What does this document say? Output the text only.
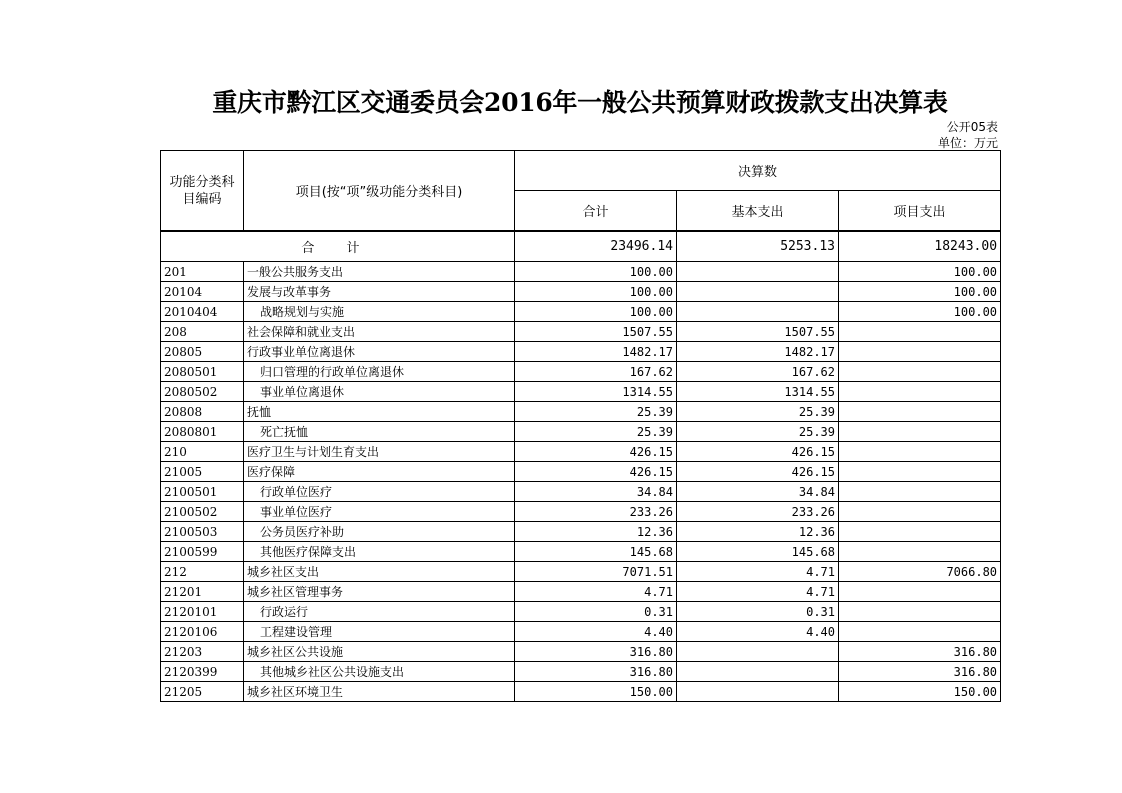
重庆市黔江区交通委员会2016年一般公共预算财政拨款支出决算表
公开05表
单位：万元
功能分类科目编码	项目(按“项”级功能分类科目)	决算数		
		合计	基本支出	项目支出
合 计		23496.14	5253.13	18243.00
201	一般公共服务支出	100.00		100.00
20104	发展与改革事务	100.00		100.00
2010404	战略规划与实施	100.00		100.00
208	社会保障和就业支出	1507.55	1507.55	
20805	行政事业单位离退休	1482.17	1482.17	
2080501	归口管理的行政单位离退休	167.62	167.62	
2080502	事业单位离退休	1314.55	1314.55	
20808	抚恤	25.39	25.39	
2080801	死亡抚恤	25.39	25.39	
210	医疗卫生与计划生育支出	426.15	426.15	
21005	医疗保障	426.15	426.15	
2100501	行政单位医疗	34.84	34.84	
2100502	事业单位医疗	233.26	233.26	
2100503	公务员医疗补助	12.36	12.36	
2100599	其他医疗保障支出	145.68	145.68	
212	城乡社区支出	7071.51	4.71	7066.80
21201	城乡社区管理事务	4.71	4.71	
2120101	行政运行	0.31	0.31	
2120106	工程建设管理	4.40	4.40	
21203	城乡社区公共设施	316.80		316.80
2120399	其他城乡社区公共设施支出	316.80		316.80
21205	城乡社区环境卫生	150.00		150.00
